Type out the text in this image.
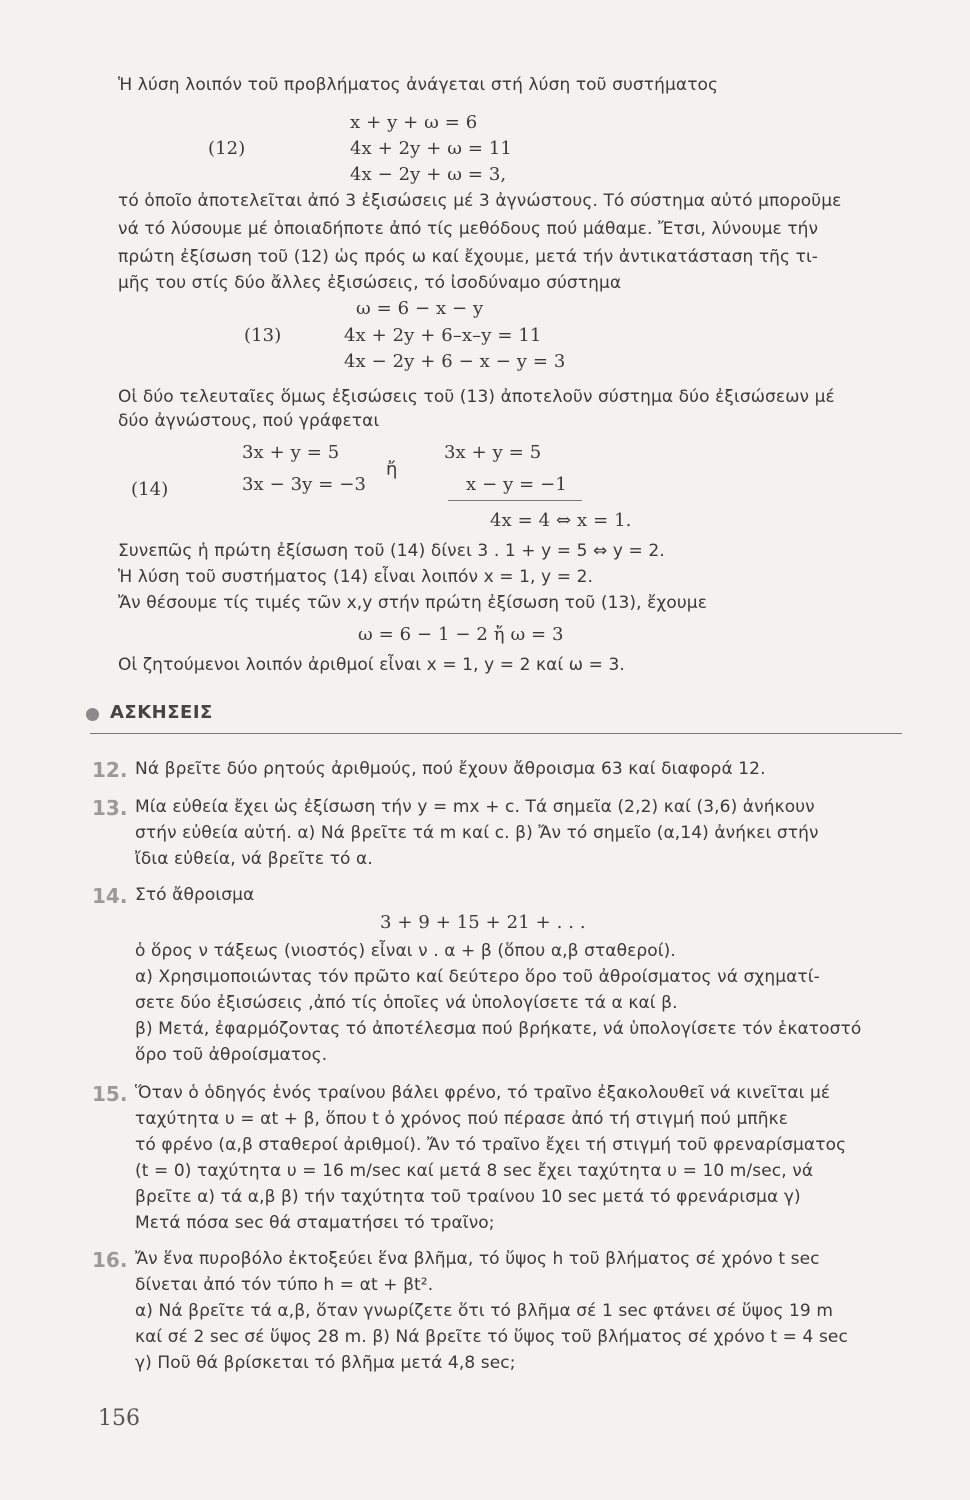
Ἡ λύση λοιπόν τοῦ προβλήματος ἀνάγεται στή λύση τοῦ συστήματος
(12)
x + y + ω = 6
4x + 2y + ω = 11
4x − 2y + ω = 3,
τό ὁποῖο ἀποτελεῖται ἀπό 3 ἐξισώσεις μέ 3 ἀγνώστους. Τό σύστημα αὐτό μποροῦμε
νά τό λύσουμε μέ ὁποιαδήποτε ἀπό τίς μεθόδους πού μάθαμε. Ἔτσι, λύνουμε τήν
πρώτη ἐξίσωση τοῦ (12) ὡς πρός ω καί ἔχουμε, μετά τήν ἀντικατάσταση τῆς τι-
μῆς του στίς δύο ἄλλες ἐξισώσεις, τό ἰσοδύναμο σύστημα
(13)
ω = 6 − x − y
4x + 2y + 6–x–y = 11
4x − 2y + 6 − x − y = 3
Οἱ δύο τελευταῖες ὅμως ἐξισώσεις τοῦ (13) ἀποτελοῦν σύστημα δύο ἐξισώσεων μέ
δύο ἀγνώστους, πού γράφεται
(14)
3x + y = 5
3x − 3y = −3
ἤ
3x + y = 5
x − y = −1
4x = 4 ⇔ x = 1.
Συνεπῶς ἡ πρώτη ἐξίσωση τοῦ (14) δίνει 3 . 1 + y = 5 ⇔ y = 2.
Ἡ λύση τοῦ συστήματος (14) εἶναι λοιπόν x = 1, y = 2.
Ἄν θέσουμε τίς τιμές τῶν x,y στήν πρώτη ἐξίσωση τοῦ (13), ἔχουμε
ω = 6 − 1 − 2 ἤ ω = 3
Οἱ ζητούμενοι λοιπόν ἀριθμοί εἶναι x = 1, y = 2 καί ω = 3.
ΑΣΚΗΣΕΙΣ
12. Νά βρεῖτε δύο ρητούς ἀριθμούς, πού ἔχουν ἄθροισμα 63 καί διαφορά 12.
13. Μία εὐθεία ἔχει ὡς ἐξίσωση τήν y = mx + c. Τά σημεῖα (2,2) καί (3,6) ἀνήκουν
στήν εὐθεία αὐτή. α) Νά βρεῖτε τά m καί c. β) Ἄν τό σημεῖο (α,14) ἀνήκει στήν
ἴδια εὐθεία, νά βρεῖτε τό α.
14. Στό ἄθροισμα
3 + 9 + 15 + 21 + . . .
ὁ ὅρος ν τάξεως (νιοστός) εἶναι ν . α + β (ὅπου α,β σταθεροί).
α) Χρησιμοποιώντας τόν πρῶτο καί δεύτερο ὅρο τοῦ ἀθροίσματος νά σχηματί-
σετε δύο ἐξισώσεις ,ἀπό τίς ὁποῖες νά ὑπολογίσετε τά α καί β.
β) Μετά, ἐφαρμόζοντας τό ἀποτέλεσμα πού βρήκατε, νά ὑπολογίσετε τόν ἑκατοστό
ὅρο τοῦ ἀθροίσματος.
15. Ὅταν ὁ ὁδηγός ἑνός τραίνου βάλει φρένο, τό τραῖνο ἐξακολουθεῖ νά κινεῖται μέ
ταχύτητα υ = αt + β, ὅπου t ὁ χρόνος πού πέρασε ἀπό τή στιγμή πού μπῆκε
τό φρένο (α,β σταθεροί ἀριθμοί). Ἄν τό τραῖνο ἔχει τή στιγμή τοῦ φρεναρίσματος
(t = 0) ταχύτητα υ = 16 m/sec καί μετά 8 sec ἔχει ταχύτητα υ = 10 m/sec, νά
βρεῖτε α) τά α,β β) τήν ταχύτητα τοῦ τραίνου 10 sec μετά τό φρενάρισμα γ)
Μετά πόσα sec θά σταματήσει τό τραῖνο;
16. Ἄν ἕνα πυροβόλο ἐκτοξεύει ἕνα βλῆμα, τό ὕψος h τοῦ βλήματος σέ χρόνο t sec
δίνεται ἀπό τόν τύπο h = αt + βt².
α) Νά βρεῖτε τά α,β, ὅταν γνωρίζετε ὅτι τό βλῆμα σέ 1 sec φτάνει σέ ὕψος 19 m
καί σέ 2 sec σέ ὕψος 28 m. β) Νά βρεῖτε τό ὕψος τοῦ βλήματος σέ χρόνο t = 4 sec
γ) Ποῦ θά βρίσκεται τό βλῆμα μετά 4,8 sec;
156
